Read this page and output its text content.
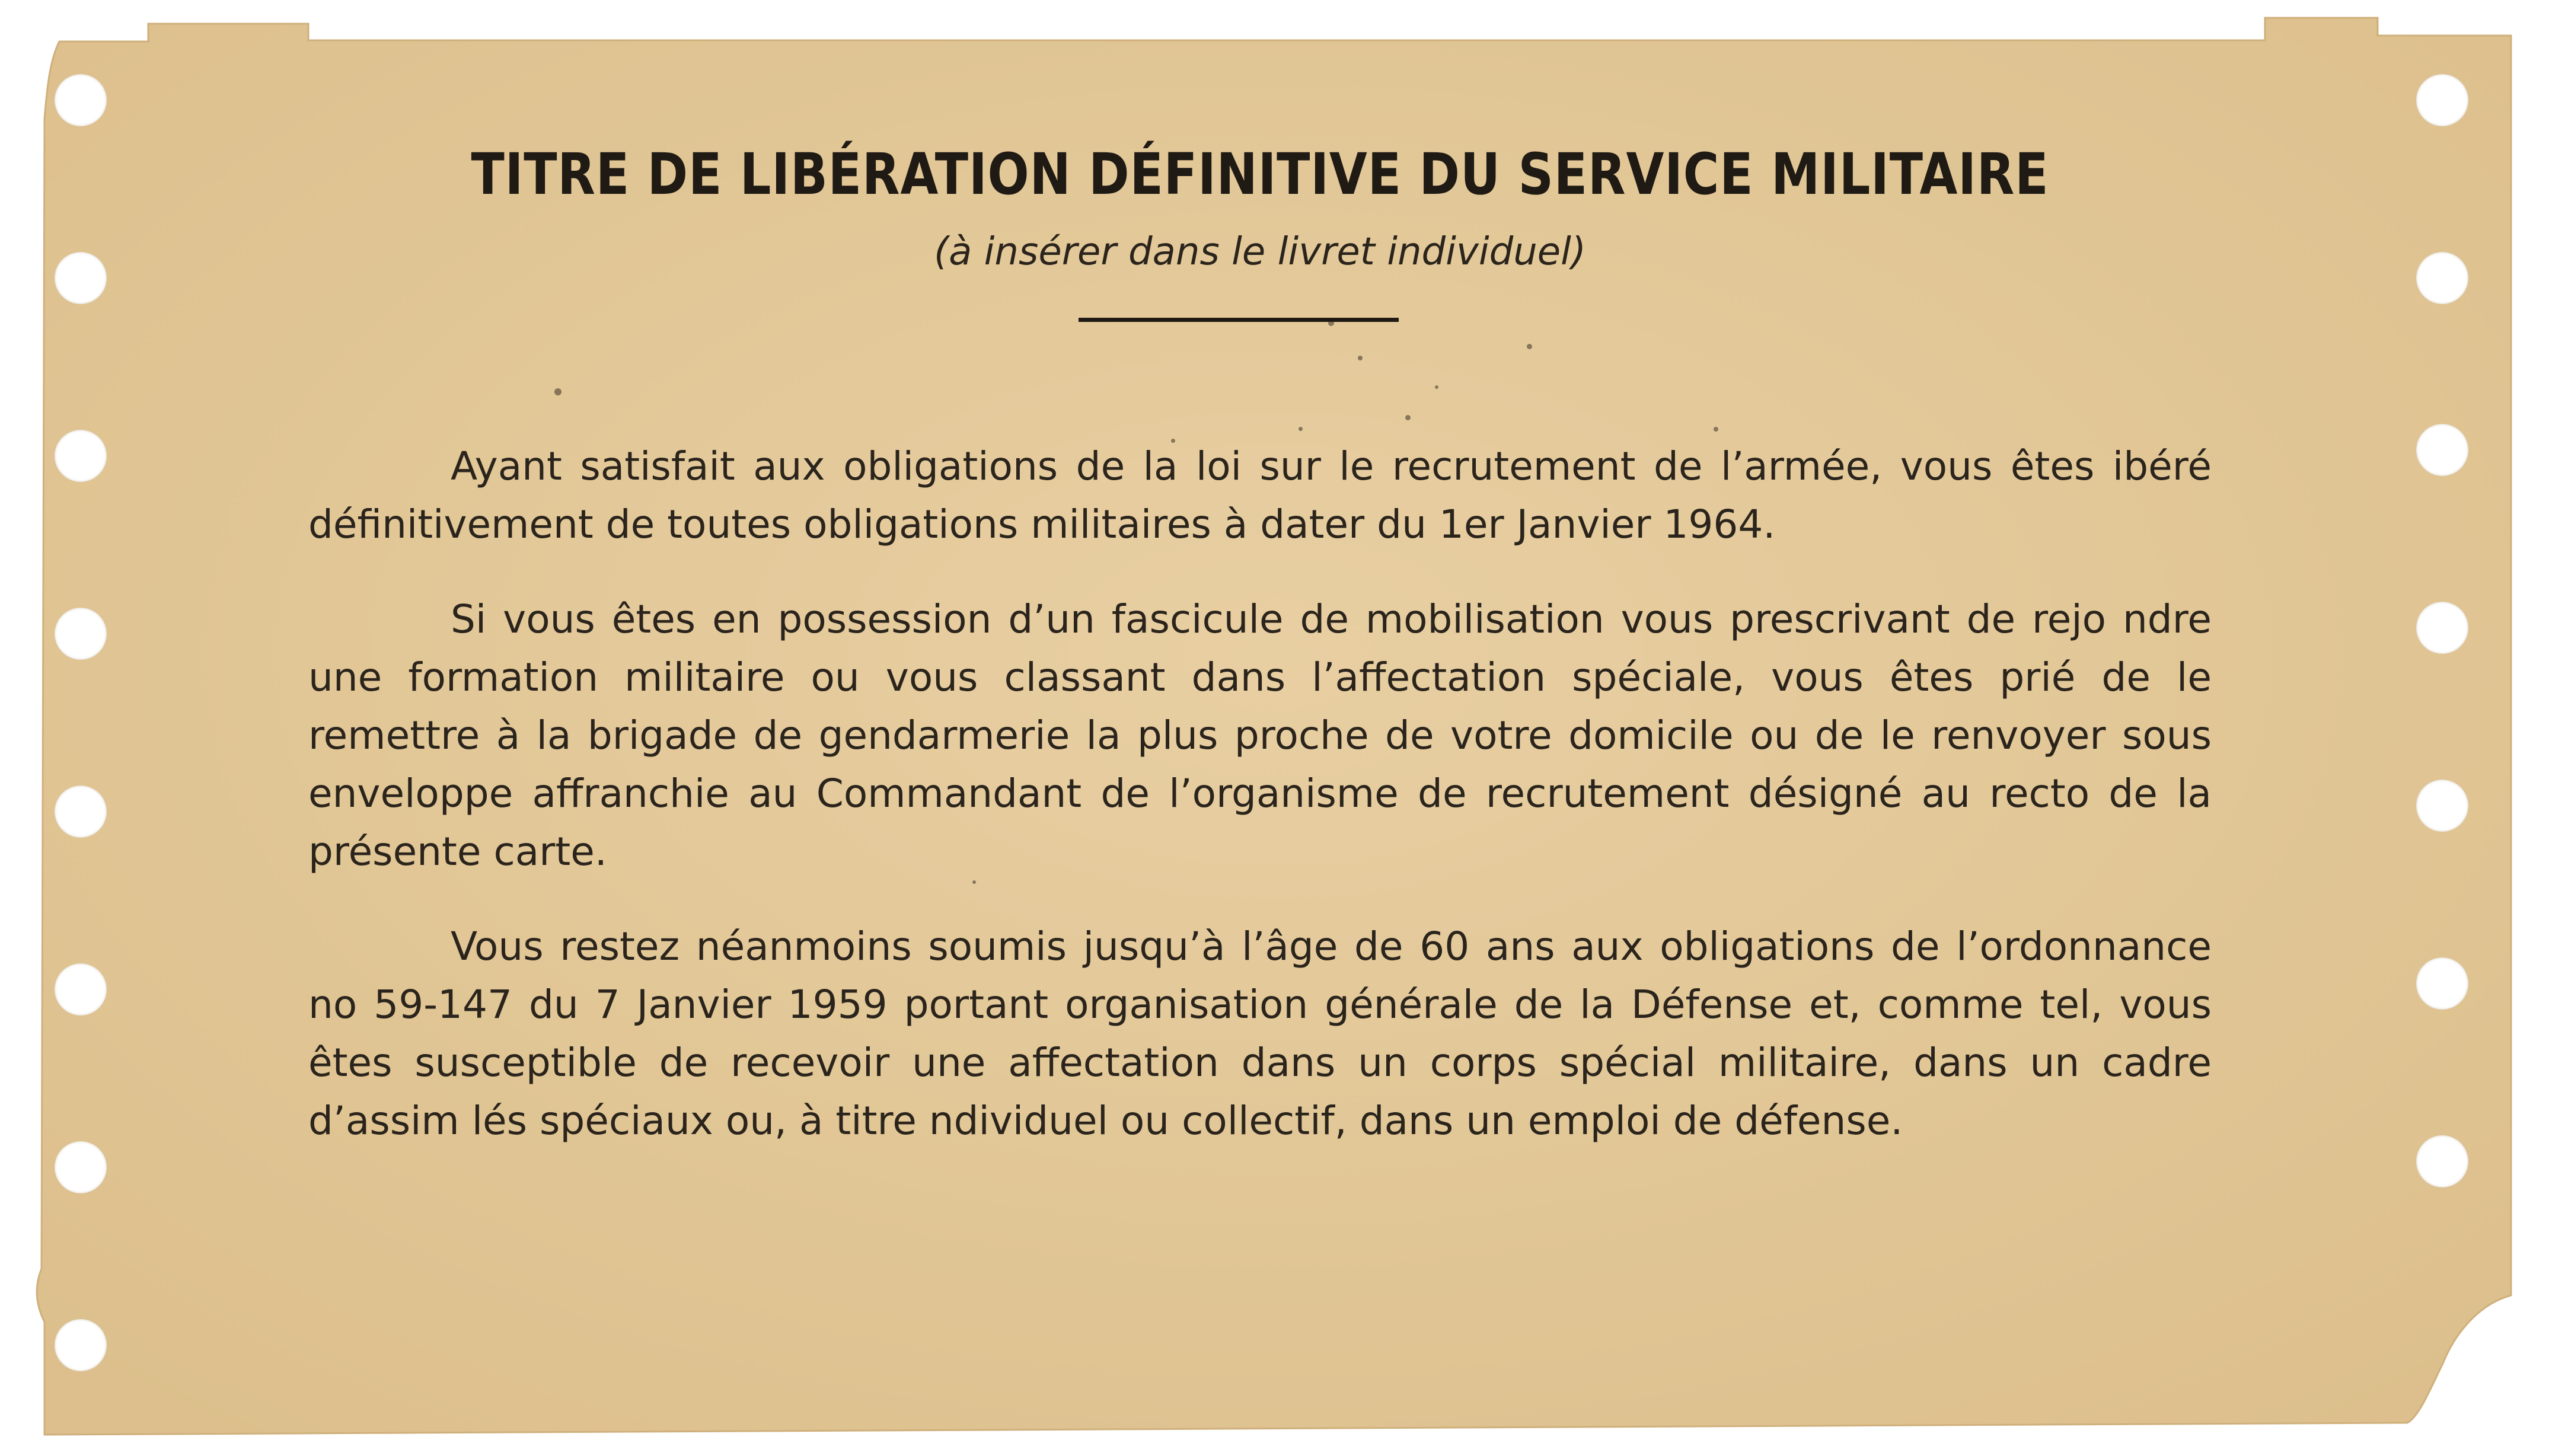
TITRE DE LIBÉRATION DÉFINITIVE DU SERVICE MILITAIRE
(à insérer dans le livret individuel)

Ayant satisfait aux obligations de la loi sur le recrutement de l’armée, vous êtes ibéré définitivement de toutes obligations militaires à dater du 1er Janvier 1964.

Si vous êtes en possession d’un fascicule de mobilisation vous prescrivant de rejo ndre une formation militaire ou vous classant dans l’affectation spéciale, vous êtes prié de le remettre à la brigade de gendarmerie la plus proche de votre domicile ou de le renvoyer sous enveloppe affranchie au Commandant de l’organisme de recrutement désigné au recto de la présente carte.

Vous restez néanmoins soumis jusqu’à l’âge de 60 ans aux obligations de l’ordonnance no 59-147 du 7 Janvier 1959 portant organisation générale de la Défense et, comme tel, vous êtes susceptible de recevoir une affectation dans un corps spécial militaire, dans un cadre d’assim lés spéciaux ou, à titre ndividuel ou collectif, dans un emploi de défense.
